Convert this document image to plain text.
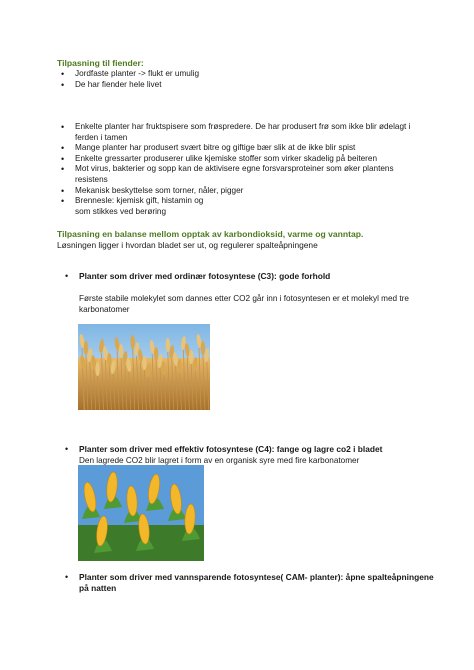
Tilpasning til fiender:
• Jordfaste planter -> flukt er umulig
• De har fiender hele livet
• Enkelte planter har fruktspisere som frøspredere. De har produsert frø som ikke blir ødelagt i
ferden i tamen
• Mange planter har produsert svært bitre og giftige bær slik at de ikke blir spist
• Enkelte gressarter produserer ulike kjemiske stoffer som virker skadelig på beiteren
• Mot virus, bakterier og sopp kan de aktivisere egne forsvarsproteiner som øker plantens
resistens
• Mekanisk beskyttelse som torner, nåler, pigger
• Brennesle: kjemisk gift, histamin og
som stikkes ved berøring
Tilpasning en balanse mellom opptak av karbondioksid, varme og vanntap.
Løsningen ligger i hvordan bladet ser ut, og regulerer spalteåpningene
• Planter som driver med ordinær fotosyntese (C3): gode forhold
Første stabile molekylet som dannes etter CO2 går inn i fotosyntesen er et molekyl med tre
karbonatomer
• Planter som driver med effektiv fotosyntese (C4): fange og lagre co2 i bladet
Den lagrede CO2 blir lagret i form av en organisk syre med fire karbonatomer
• Planter som driver med vannsparende fotosyntese( CAM- planter): åpne spalteåpningene
på natten
